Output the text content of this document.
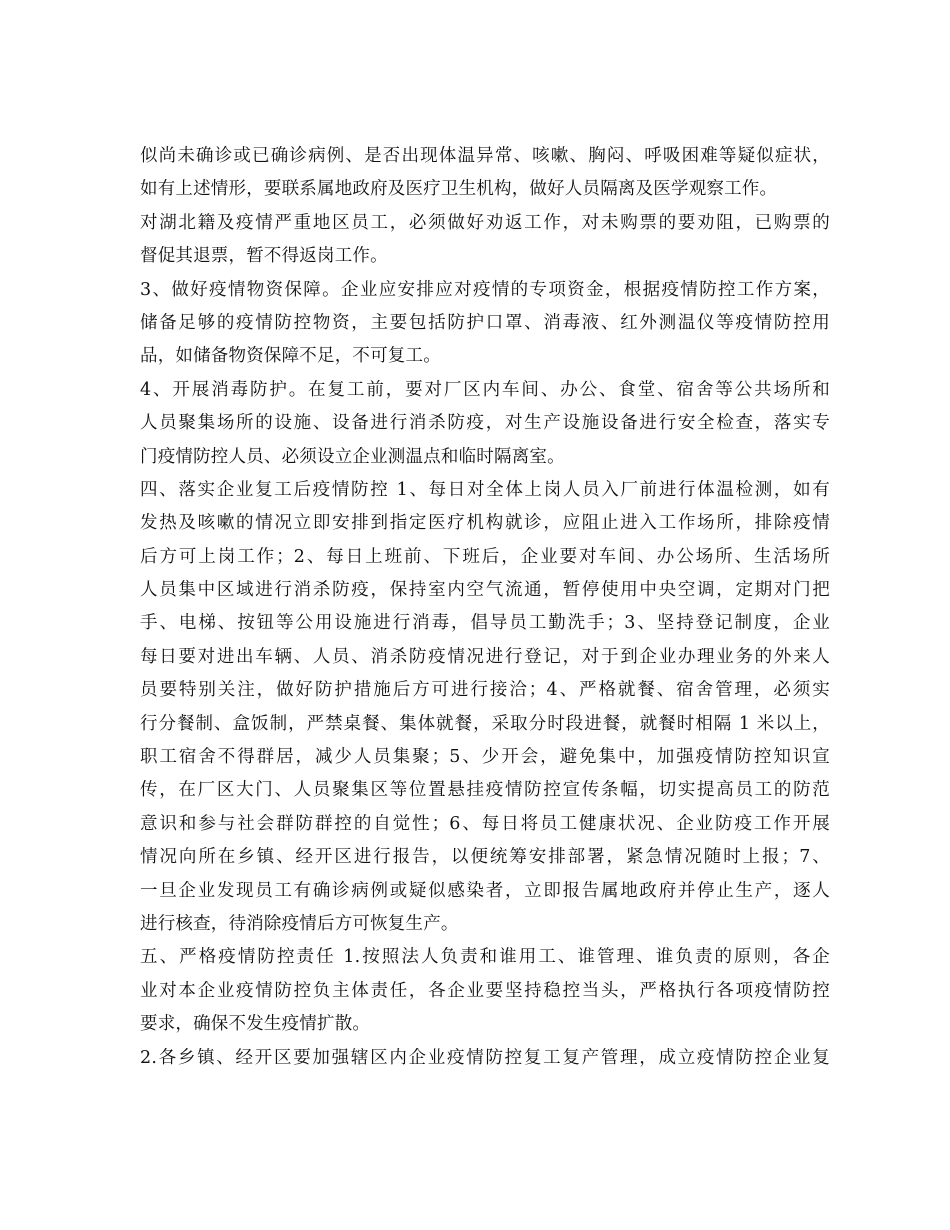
似尚未确诊或已确诊病例、是否出现体温异常、咳嗽、胸闷、呼吸困难等疑似症状，
如有上述情形，要联系属地政府及医疗卫生机构，做好人员隔离及医学观察工作。
对湖北籍及疫情严重地区员工，必须做好劝返工作，对未购票的要劝阻，已购票的
督促其退票，暂不得返岗工作。
3、做好疫情物资保障。企业应安排应对疫情的专项资金，根据疫情防控工作方案，
储备足够的疫情防控物资，主要包括防护口罩、消毒液、红外测温仪等疫情防控用
品，如储备物资保障不足，不可复工。
4、开展消毒防护。在复工前，要对厂区内车间、办公、食堂、宿舍等公共场所和
人员聚集场所的设施、设备进行消杀防疫，对生产设施设备进行安全检查，落实专
门疫情防控人员、必须设立企业测温点和临时隔离室。
四、落实企业复工后疫情防控 1、每日对全体上岗人员入厂前进行体温检测，如有
发热及咳嗽的情况立即安排到指定医疗机构就诊，应阻止进入工作场所，排除疫情
后方可上岗工作；2、每日上班前、下班后，企业要对车间、办公场所、生活场所
人员集中区域进行消杀防疫，保持室内空气流通，暂停使用中央空调，定期对门把
手、电梯、按钮等公用设施进行消毒，倡导员工勤洗手；3、坚持登记制度，企业
每日要对进出车辆、人员、消杀防疫情况进行登记，对于到企业办理业务的外来人
员要特别关注，做好防护措施后方可进行接洽；4、严格就餐、宿舍管理，必须实
行分餐制、盒饭制，严禁桌餐、集体就餐，采取分时段进餐，就餐时相隔 1 米以上，
职工宿舍不得群居，减少人员集聚；5、少开会，避免集中，加强疫情防控知识宣
传，在厂区大门、人员聚集区等位置悬挂疫情防控宣传条幅，切实提高员工的防范
意识和参与社会群防群控的自觉性；6、每日将员工健康状况、企业防疫工作开展
情况向所在乡镇、经开区进行报告，以便统筹安排部署，紧急情况随时上报；7、
一旦企业发现员工有确诊病例或疑似感染者，立即报告属地政府并停止生产，逐人
进行核查，待消除疫情后方可恢复生产。
五、严格疫情防控责任 1.按照法人负责和谁用工、谁管理、谁负责的原则，各企
业对本企业疫情防控负主体责任，各企业要坚持稳控当头，严格执行各项疫情防控
要求，确保不发生疫情扩散。
2.各乡镇、经开区要加强辖区内企业疫情防控复工复产管理，成立疫情防控企业复
